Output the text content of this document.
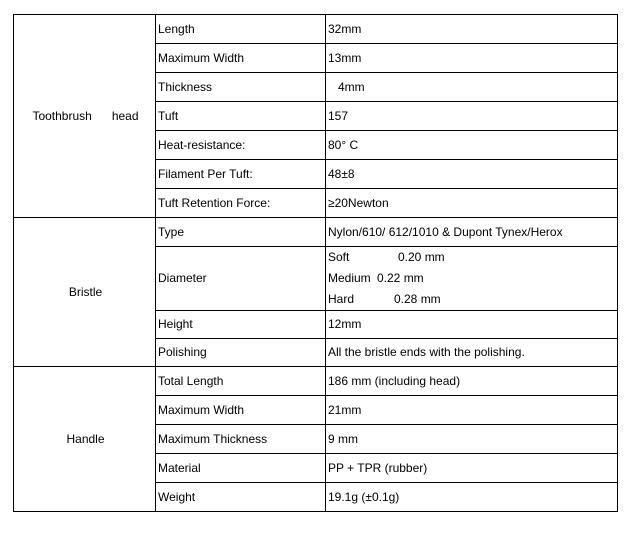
Toothbrush      head	Length	32mm
	Maximum Width	13mm
	Thickness	4mm
	Tuft	157
	Heat-resistance:	80° C
	Filament Per Tuft:	48±8
	Tuft Retention Force:	≥20Newton
Bristle	Type	Nylon/610/ 612/1010 & Dupont Tynex/Herox
	Diameter	Soft 0.20 mm
Medium 0.22 mm
Hard 0.28 mm

	Height	12mm
	Polishing	All the bristle ends with the polishing.
Handle	Total Length	186 mm (including head)
	Maximum Width	21mm
	Maximum Thickness	9 mm
	Material	PP + TPR (rubber)
	Weight	19.1g (±0.1g)
